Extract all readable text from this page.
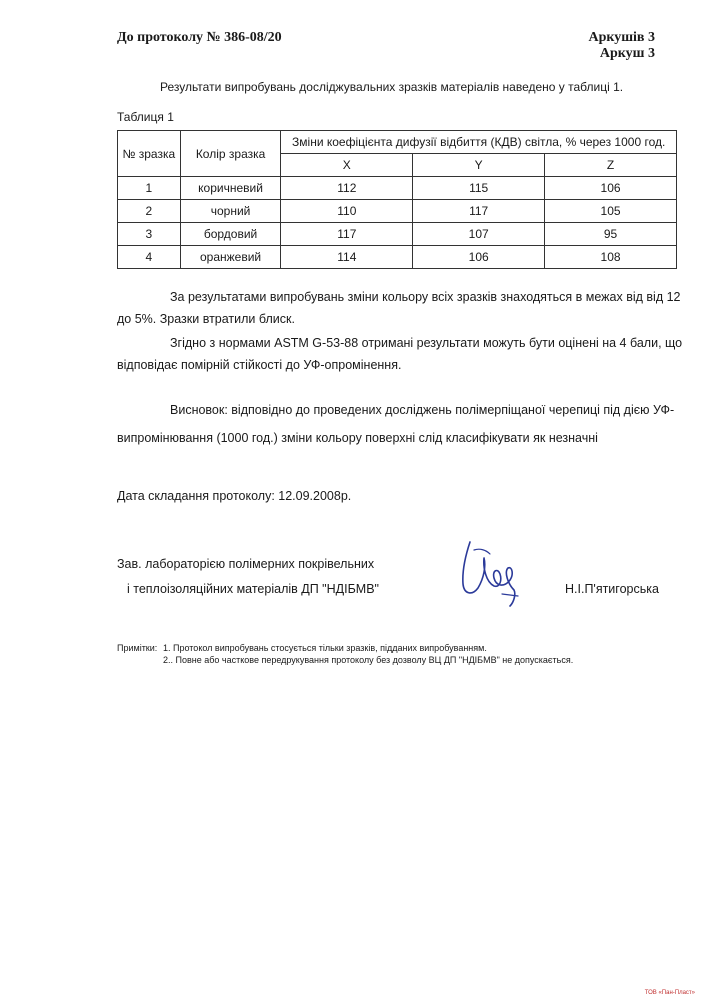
До протоколу № 386-08/20	Аркушів 3
Аркуш 3
Результати випробувань досліджувальних зразків матеріалів наведено у таблиці 1.
Таблиця 1
№ зразка	Колір зразка	Зміни коефіцієнта дифузії відбиття (КДВ) світла, % через 1000 год.		
		X	Y	Z
1	коричневий	112	115	106
2	чорний	110	117	105
3	бордовий	117	107	95
4	оранжевий	114	106	108
За результатами випробувань зміни кольору всіх зразків знаходяться в межах від від 12
до 5%. Зразки втратили блиск.
Згідно з нормами ASTM G-53-88 отримані результати можуть бути оцінені на 4 бали, що
відповідає помірній стійкості до УФ-опромінення.
Висновок: відповідно до проведених досліджень полімерпіщаної черепиці під дією УФ-
випромінювання (1000 год.) зміни кольору поверхні слід класифікувати як незначні
Дата складання протоколу: 12.09.2008р.
Зав. лабораторією полімерних покрівельних
і теплоізоляційних матеріалів ДП "НДІБМВ"	Н.І.П'ятигорська
Примітки: 1. Протокол випробувань стосується тільки зразків, підданих випробуванням.
2.. Повне або часткове передрукування протоколу без дозволу ВЦ ДП "НДІБМВ" не допускається.
ТОВ «Пан-Пласт»
